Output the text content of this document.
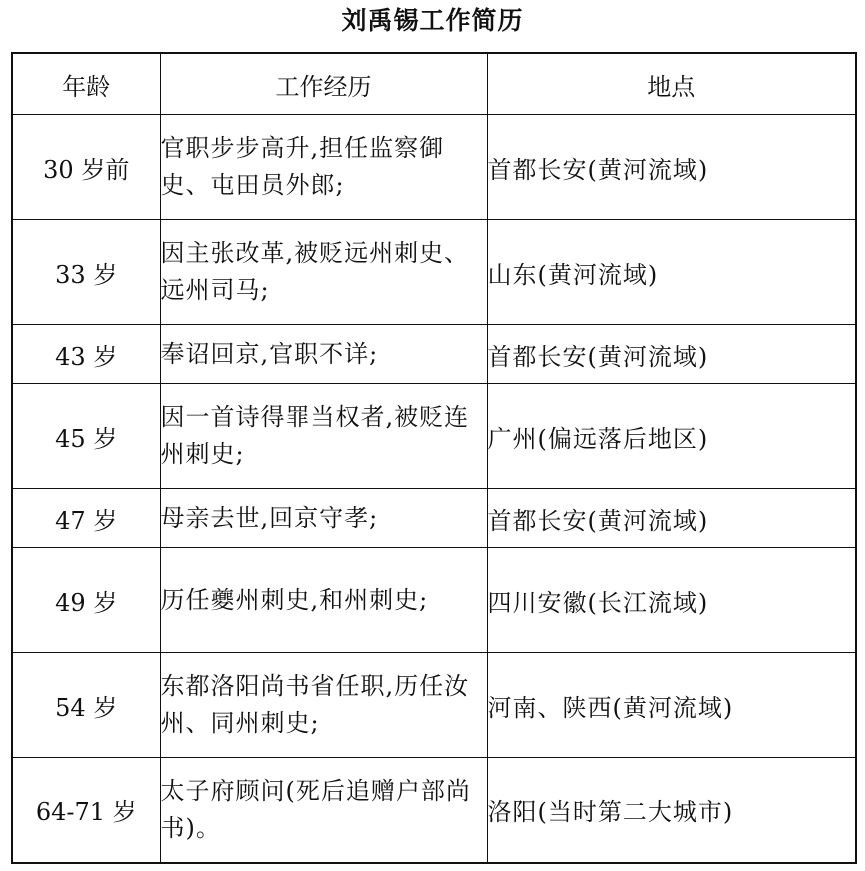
刘禹锡工作简历
年龄	工作经历	地点
30 岁前	官职步步高升,担任监察御史、屯田员外郎;	首都长安(黄河流域)
33 岁	因主张改革,被贬远州刺史、远州司马;	山东(黄河流域)
43 岁	奉诏回京,官职不详;	首都长安(黄河流域)
45 岁	因一首诗得罪当权者,被贬连州刺史;	广州(偏远落后地区)
47 岁	母亲去世,回京守孝;	首都长安(黄河流域)
49 岁	历任夔州刺史,和州刺史;	四川安徽(长江流域)
54 岁	东都洛阳尚书省任职,历任汝州、同州刺史;	河南、陕西(黄河流域)
64-71 岁	太子府顾问(死后追赠户部尚书)。	洛阳(当时第二大城市)
